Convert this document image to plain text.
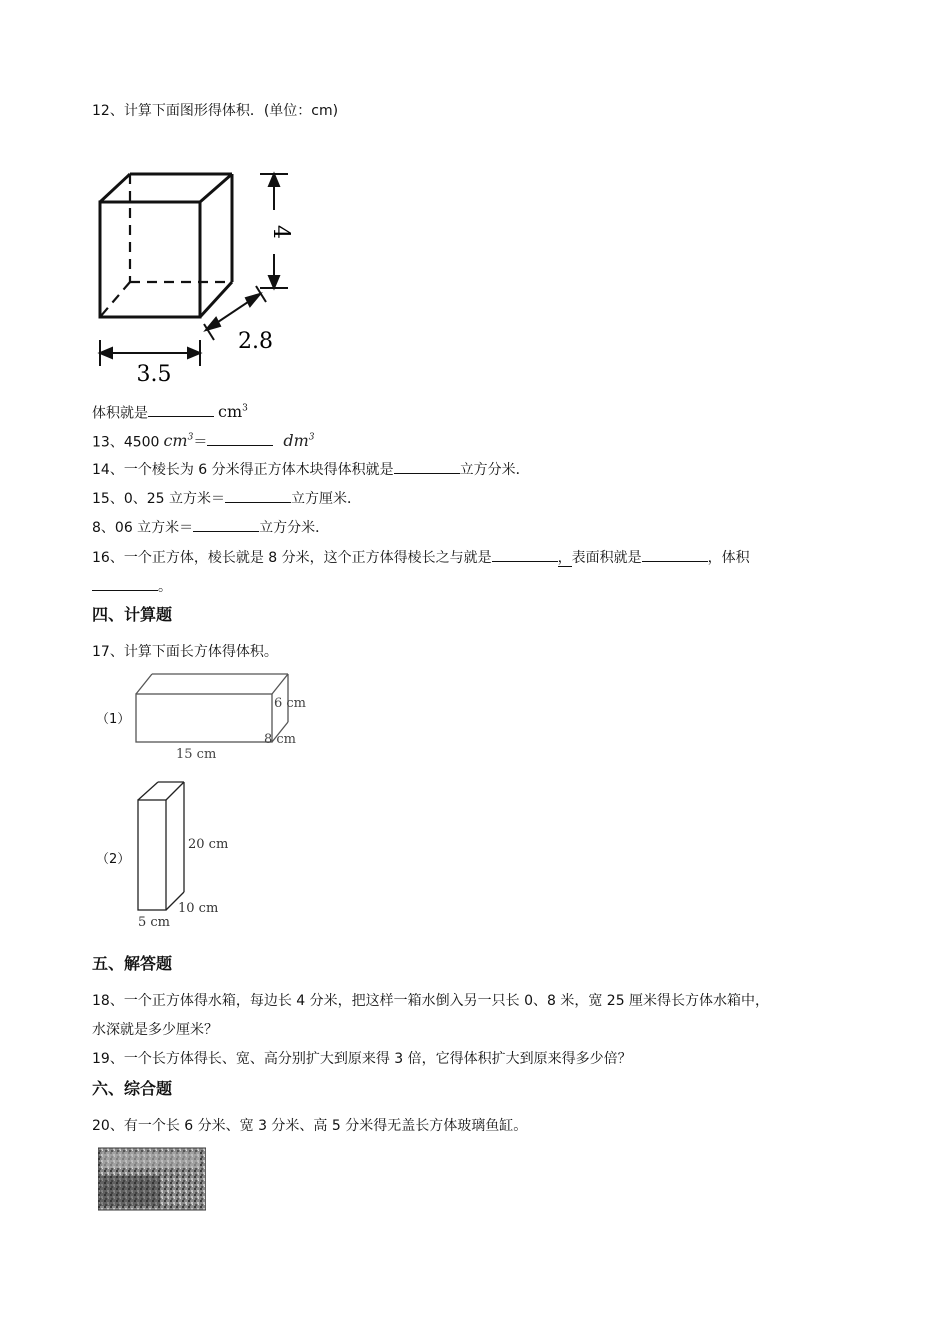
12、计算下面图形得体积．(单位：cm)
4
2.8
3.5
体积就是	$cm^3$
13、4500 $cm^3=$	$dm^3$
14、一个棱长为 6 分米得正方体木块得体积就是	立方分米．
15、0、25 立方米＝	立方厘米．
8、06 立方米＝	立方分米．
16、一个正方体，棱长就是 8 分米，这个正方体得棱长之与就是	，表面积就是	，体积
。
四、计算题
17、计算下面长方体得体积。
（1）
6 cm
8 cm
15 cm
（2）
20 cm
10 cm
5 cm
五、解答题
18、一个正方体得水箱，每边长 4 分米，把这样一箱水倒入另一只长 0、8 米，宽 25 厘米得长方体水箱中，
水深就是多少厘米？
19、一个长方体得长、宽、高分别扩大到原来得 3 倍，它得体积扩大到原来得多少倍？
六、综合题
20、有一个长 6 分米、宽 3 分米、高 5 分米得无盖长方体玻璃鱼缸。
